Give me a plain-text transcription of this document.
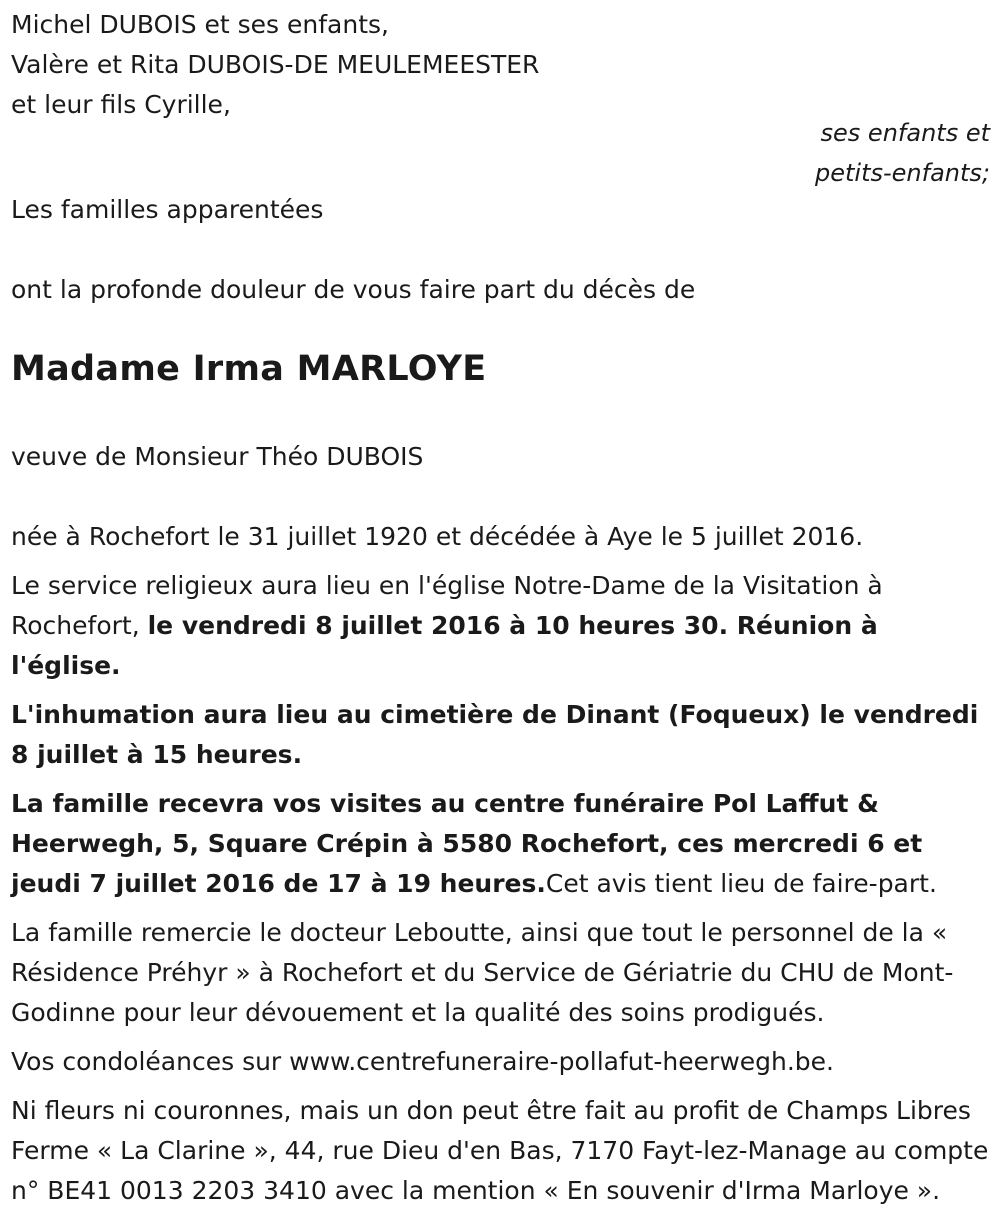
Michel DUBOIS et ses enfants,
Valère et Rita DUBOIS-DE MEULEMEESTER
et leur fils Cyrille,
ses enfants et
petits-enfants;
Les familles apparentées
ont la profonde douleur de vous faire part du décès de
Madame Irma MARLOYE
veuve de Monsieur Théo DUBOIS

née à Rochefort le 31 juillet 1920 et décédée à Aye le 5 juillet 2016.

Le service religieux aura lieu en l'église Notre-Dame de la Visitation à Rochefort, le vendredi 8 juillet 2016 à 10 heures 30. Réunion à l'église.

L'inhumation aura lieu au cimetière de Dinant (Foqueux) le vendredi 8 juillet à 15 heures.

La famille recevra vos visites au centre funéraire Pol Laffut & Heerwegh, 5, Square Crépin à 5580 Rochefort, ces mercredi 6 et jeudi 7 juillet 2016 de 17 à 19 heures.Cet avis tient lieu de faire-part.

La famille remercie le docteur Leboutte, ainsi que tout le personnel de la « Résidence Préhyr » à Rochefort et du Service de Gériatrie du CHU de Mont-Godinne pour leur dévouement et la qualité des soins prodigués.

Vos condoléances sur www.centrefuneraire-pollafut-heerwegh.be.

Ni fleurs ni couronnes, mais un don peut être fait au profit de Champs Libres Ferme « La Clarine », 44, rue Dieu d'en Bas, 7170 Fayt-lez-Manage au compte n° BE41 0013 2203 3410 avec la mention « En souvenir d'Irma Marloye ».
